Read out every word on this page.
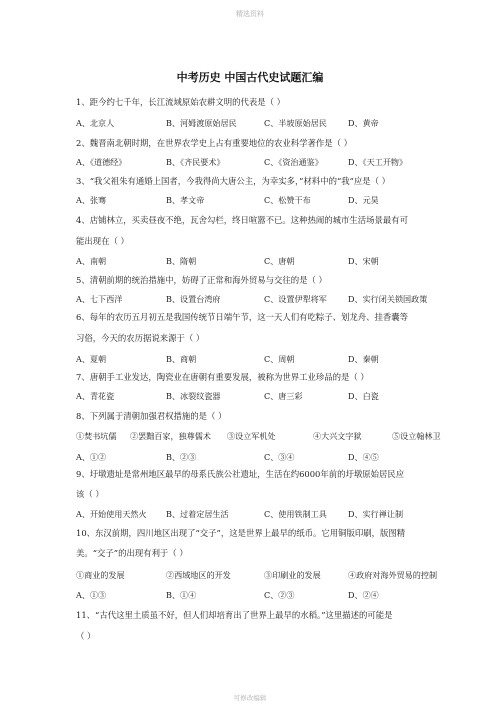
精选资料
中考历史 中国古代史试题汇编
1、距今约七千年，长江流域原始农耕文明的代表是（ ）
A、北京人	B、河姆渡原始居民	C、半坡原始居民	D、黄帝
2、魏晋南北朝时期，在世界农学史上占有重要地位的农业科学著作是（ ）
A、《道德经》	B、《齐民要术》	C、《资治通鉴》	D、《天工开物》
3、“我父祖朱有通婚上国者，今我得尚大唐公主，为幸实多，”材料中的“我”应是（ ）
A、张骞	B、孝文帝	C、松赞干布	D、元昊
4、店铺林立，买卖昼夜不绝，瓦舍勾栏，终日喧嚣不已。这种热闹的城市生活场景最有可
能出现在（ ）
A、南朝	B、隋朝	C、唐朝	D、宋朝
5、清朝前期的统治措施中，妨碍了正常和海外贸易与交往的是（ ）
A、七下西洋	B、设置台湾府	C、设置伊犁将军	D、实行闭关锁国政策
6、每年的农历五月初五是我国传统节日端午节，这一天人们有吃粽子、划龙舟、挂香囊等
习俗，今天的农历据说来源于（ ）
A、夏朝	B、商朝	C、周朝	D、秦朝
7、唐朝手工业发达，陶瓷业在唐朝有重要发展，被称为世界工业珍品的是（ ）
A、青花瓷	B、冰裂纹瓷器	C、唐三彩	D、白瓷
8、下列属于清朝加强君权措施的是（ ）
①焚书坑儒 ②罢黜百家，独尊儒术 ③设立军机处	④大兴文字狱	⑤设立翰林卫
A、①②	B、②③	C、③④	D、④⑤
9、圩墩遗址是常州地区最早的母系氏族公社遗址，生活在约6000年前的圩墩原始居民应
该（ ）
A、开始使用天然火 B、过着定居生活	C、使用铁制工具	D、实行禅让制
10、东汉前期，四川地区出现了“交子”，这是世界上最早的纸币。它用铜版印刷，版图精
美。“交子”的出现有利于（ ）
①商业的发展	②西域地区的开发	③印刷业的发展	④政府对海外贸易的控制
A、①③	B、①④	C、②③	D、②④
11、“古代这里土质虽不好，但人们却培育出了世界上最早的水稻。”这里描述的可能是
（ ）
可修改编辑
